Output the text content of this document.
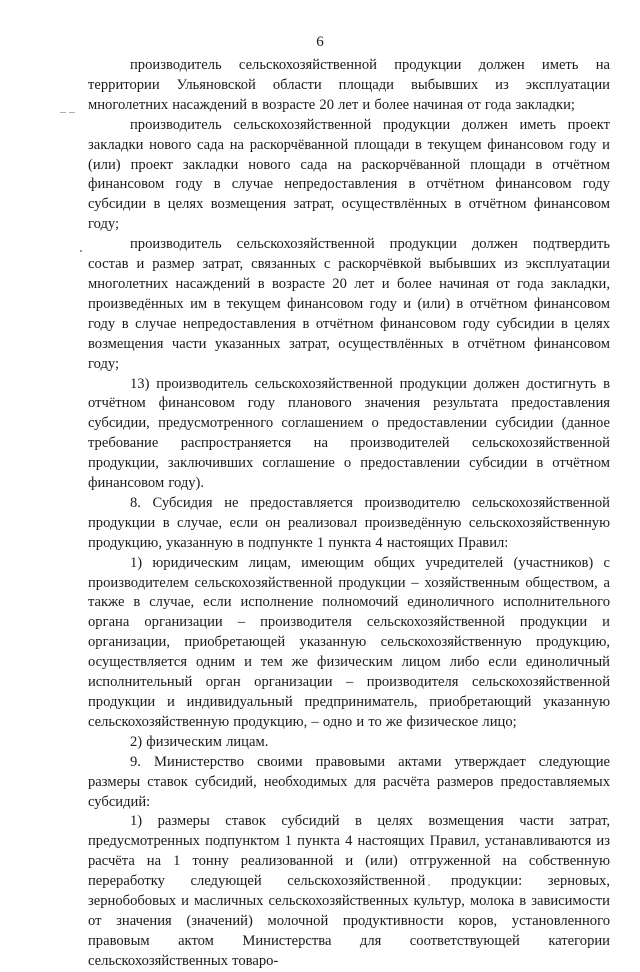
6
– –

производитель сельскохозяйственной продукции должен иметь на территории Ульяновской области площади выбывших из эксплуатации многолетних насаждений в возрасте 20 лет и более начиная от года закладки;

производитель сельскохозяйственной продукции должен иметь проект закладки нового сада на раскорчёванной площади в текущем финансовом году и (или) проект закладки нового сада на раскорчёванной площади в отчётном финансовом году в случае непредоставления в отчётном финансовом году субсидии в целях возмещения затрат, осуществлённых в отчётном финансовом году;

производитель сельскохозяйственной продукции должен подтвердить состав и размер затрат, связанных с раскорчёвкой выбывших из эксплуатации многолетних насаждений в возрасте 20 лет и более начиная от года закладки, произведённых им в текущем финансовом году и (или) в отчётном финансовом году в случае непредоставления в отчётном финансовом году субсидии в целях возмещения части указанных затрат, осуществлённых в отчётном финансовом году;

13) производитель сельскохозяйственной продукции должен достигнуть в отчётном финансовом году планового значения результата предоставления субсидии, предусмотренного соглашением о предоставлении субсидии (данное требование распространяется на производителей сельскохозяйственной продукции, заключивших соглашение о предоставлении субсидии в отчётном финансовом году).

8. Субсидия не предоставляется производителю сельскохозяйственной продукции в случае, если он реализовал произведённую сельскохозяйственную продукцию, указанную в подпункте 1 пункта 4 настоящих Правил:

1) юридическим лицам, имеющим общих учредителей (участников) с производителем сельскохозяйственной продукции – хозяйственным обществом, а также в случае, если исполнение полномочий единоличного исполнительного органа организации – производителя сельскохозяйственной продукции и организации, приобретающей указанную сельскохозяйственную продукцию, осуществляется одним и тем же физическим лицом либо если единоличный исполнительный орган организации – производителя сельскохозяйственной продукции и индивидуальный предприниматель, приобретающий указанную сельскохозяйственную продукцию, – одно и то же физическое лицо;

2) физическим лицам.

9. Министерство своими правовыми актами утверждает следующие размеры ставок субсидий, необходимых для расчёта размеров предоставляемых субсидий:

1) размеры ставок субсидий в целях возмещения части затрат, предусмотренных подпунктом 1 пункта 4 настоящих Правил, устанавливаются из расчёта на 1 тонну реализованной и (или) отгруженной на собственную переработку следующей сельскохозяйственной продукции: зерновых, зернобобовых и масличных сельскохозяйственных культур, молока в зависимости от значения (значений) молочной продуктивности коров, установленного правовым актом Министерства для соответствующей категории сельскохозяйственных товаро-
